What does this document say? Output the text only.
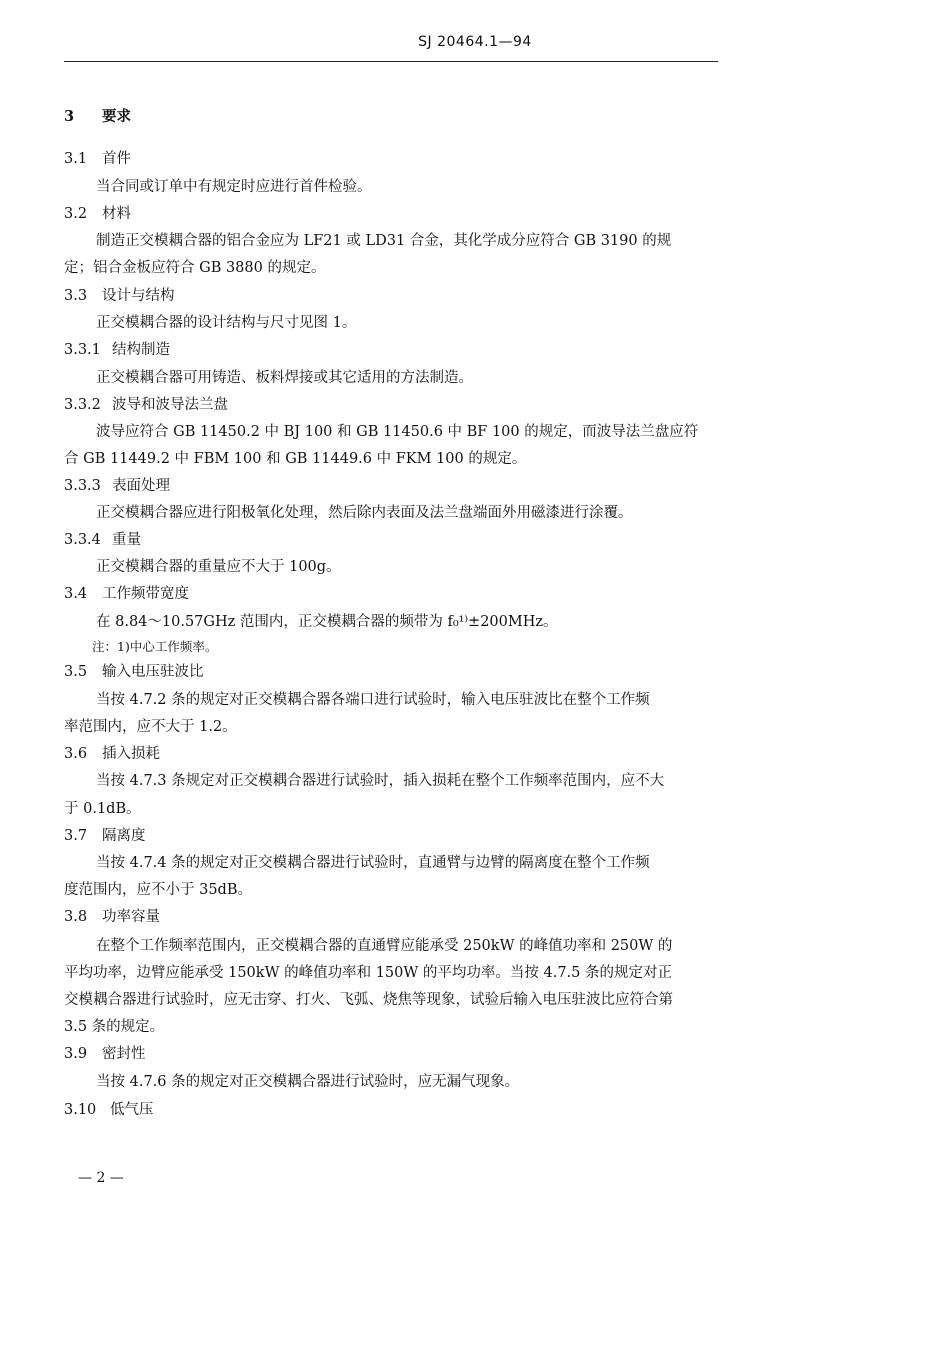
SJ 20464.1—94
3 要求
3.1 首件
当合同或订单中有规定时应进行首件检验。
3.2 材料
制造正交模耦合器的铝合金应为 LF21 或 LD31 合金，其化学成分应符合 GB 3190 的规
定；铝合金板应符合 GB 3880 的规定。
3.3 设计与结构
正交模耦合器的设计结构与尺寸见图 1。
3.3.1 结构制造
正交模耦合器可用铸造、板料焊接或其它适用的方法制造。
3.3.2 波导和波导法兰盘
波导应符合 GB 11450.2 中 BJ 100 和 GB 11450.6 中 BF 100 的规定，而波导法兰盘应符
合 GB 11449.2 中 FBM 100 和 GB 11449.6 中 FKM 100 的规定。
3.3.3 表面处理
正交模耦合器应进行阳极氧化处理，然后除内表面及法兰盘端面外用磁漆进行涂覆。
3.3.4 重量
正交模耦合器的重量应不大于 100g。
3.4 工作频带宽度
在 8.84～10.57GHz 范围内，正交模耦合器的频带为 f₀¹⁾±200MHz。
注：1)中心工作频率。
3.5 输入电压驻波比
当按 4.7.2 条的规定对正交模耦合器各端口进行试验时，输入电压驻波比在整个工作频
率范围内，应不大于 1.2。
3.6 插入损耗
当按 4.7.3 条规定对正交模耦合器进行试验时，插入损耗在整个工作频率范围内，应不大
于 0.1dB。
3.7 隔离度
当按 4.7.4 条的规定对正交模耦合器进行试验时，直通臂与边臂的隔离度在整个工作频
度范围内，应不小于 35dB。
3.8 功率容量
在整个工作频率范围内，正交模耦合器的直通臂应能承受 250kW 的峰值功率和 250W 的
平均功率，边臂应能承受 150kW 的峰值功率和 150W 的平均功率。当按 4.7.5 条的规定对正
交模耦合器进行试验时，应无击穿、打火、飞弧、烧焦等现象，试验后输入电压驻波比应符合第
3.5 条的规定。
3.9 密封性
当按 4.7.6 条的规定对正交模耦合器进行试验时，应无漏气现象。
3.10 低气压
— 2 —
